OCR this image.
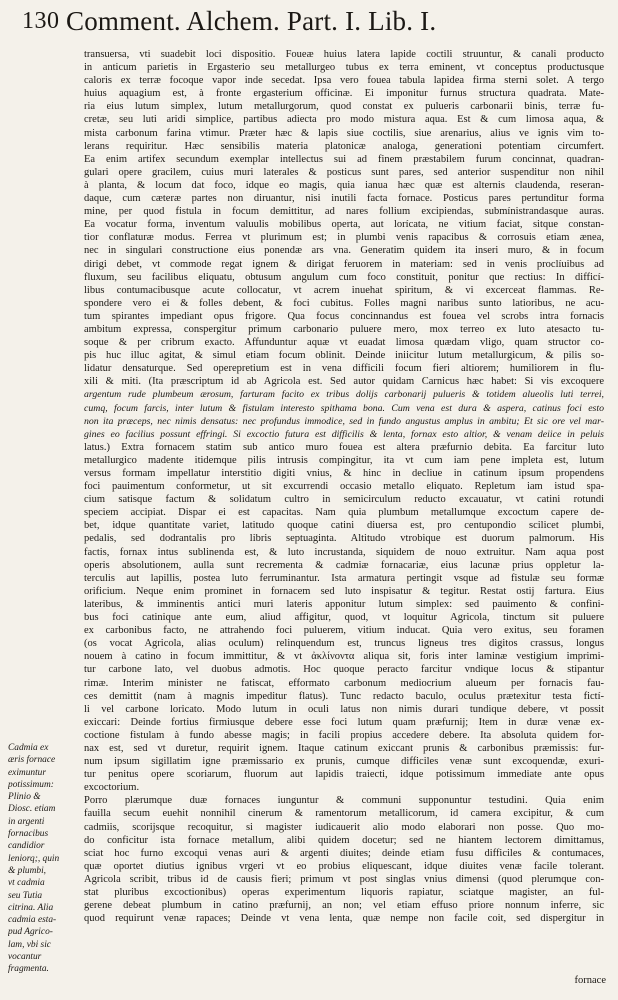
130 Comment. Alchem. Part. I. Lib. I.
transuersa, vti suadebit loci dispositio. Foueæ huius latera lapide coctili struuntur, & canali producto
in anticum parietis in Ergasterio seu metallurgeo tubus ex terra eminent, vt conceptus productusque
caloris ex terræ focoque vapor inde secedat. Ipsa vero fouea tabula lapidea firma sterni solet. A tergo
huius aquagium est, à fronte ergasterium officinæ. Ei imponitur furnus structura quadrata. Mate-
ria eius lutum simplex, lutum metallurgorum, quod constat ex pulueris carbonarii binis, terræ fu-
cretæ, seu luti aridi simplice, partibus adiecta pro modo mistura aqua. Est & cum limosa aqua, &
mista carbonum farina vtimur. Præter hæc & lapis siue coctilis, siue arenarius, alius ve ignis vim to-
lerans requiritur. Hæc sensibilis materia platonicæ analoga, generationi potentiam circumfert.
Ea enim artifex secundum exemplar intellectus sui ad finem præstabilem furum concinnat, quadran-
gulari opere gracilem, cuius muri laterales & posticus sunt pares, sed anterior suspenditur non nihil
à planta, & locum dat foco, idque eo magis, quia ianua hæc quæ est alternis claudenda, reseran-
daque, cum cæteræ partes non diruantur, nisi inutili facta fornace. Posticus pares pertunditur forma
mine, per quod fistula in focum demittitur, ad nares follium excipiendas, submínistrandasque auras.
Ea vocatur forma, inventum valuulis mobilibus operta, aut lorícata, ne vitium faciat, sitque constan-
tior conflaturæ modus. Ferrea vt plurimum est; in plumbi venis rapacibus & corrosuis etiam ænea,
nec in singulari constructione eius ponendæ ars vna. Generatim quidem ita inseri muro, & in focum
dirigi debet, vt commode regat ignem & dirigat feruorem in materiam: sed in venis proclíuibus ad
fluxum, seu facilibus eliquatu, obtusum angulum cum foco constituit, ponitur que rectius: In difficí-
libus contumacibusque acute collocatur, vt acrem inuehat spiritum, & vi excerceat flammas. Re-
spondere vero ei & folles debent, & foci cubitus. Folles magni naribus sunto latioribus, ne acu-
tum spirantes impediant opus frigore. Qua focus concinnandus est fouea vel scrobs intra fornacis
ambitum expressa, conspergitur primum carbonario puluere mero, mox terreo ex luto atesacto tu-
soque & per cribrum exacto. Affunduntur aquæ vt euadat limosa quædam vligo, quam structor co-
pis huc illuc agitat, & simul etiam focum oblinit. Deinde iniicitur lutum metallurgicum, & pilis so-
lidatur densaturque. Sed operepretium est in vena difficili focum fieri altiorem; humiliorem in flu-
xili & miti. (Ita præscriptum id ab Agricola est. Sed autor quidam Carnicus hæc habet: Si vis excoquere
argentum rude plumbeum ærosum, farturam facito ex tribus dolijs carbonarij pulueris & totidem alueolis luti terrei,
cumq, focum farcis, inter lutum & fistulam interesto spithama bona. Cum vena est dura & aspera, catinus foci esto
non ita præceps, nec nimis densatus: nec profundus immodice, sed in fundo angustus amplus in ambitu; Et sic ore vel mar-
gines eo facilius possunt effringi. Si excoctio futura est difficilis & lenta, fornax esto altior, & venam deiice in peluis
latus.) Extra fornacem statim sub antico muro fouea est altera præfurnio debita. Ea farcitur luto
metallurgico madente itidemque pilis intrusis compingitur, ita vt cum iam pene impleta est, lutum
versus formam impellatur interstitio digiti vnius, & hinc in decliue in catinum ipsum propendens
foci pauimentum conformetur, ut sit excurrendi occasio metallo eliquato. Repletum iam istud spa-
cium satisque factum & solidatum cultro in semicirculum reducto excauatur, vt catini rotundi
speciem accipiat. Dispar ei est capacitas. Nam quia plumbum metallumque excoctum capere de-
bet, idque quantitate variet, latitudo quoque catini diuersa est, pro centupondio scilicet plumbi,
pedalis, sed dodrantalis pro libris septuaginta. Altitudo vtrobique est duorum palmorum. His
factis, fornax intus sublinenda est, & luto incrustanda, siquidem de nouo extruitur. Nam aqua post
operis absolutionem, aulla sunt recrementa & cadmiæ fornacariæ, eius lacunæ prius oppletur la-
terculis aut lapillis, postea luto ferruminantur. Ista armatura pertingit vsque ad fistulæ seu formæ
orificium. Neque enim prominet in fornacem sed luto inspisatur & tegitur. Restat ostij fartura. Eius
lateribus, & imminentis antici muri lateris apponitur lutum simplex: sed pauimento & confini-
bus foci catinique ante eum, aliud affigitur, quod, vt loquitur Agricola, tinctum sit puluere
ex carbonibus facto, ne attrahendo foci puluerem, vitium inducat. Quia vero exitus, seu foramen
(os vocat Agricola, alias oculum) relinquendum est, truncus ligneus tres digitos crassus, longus
nouem à catino in focum immittitur, & vt ἀκλίνοντα aliqua sit, foris inter laminæ vestigium imprimi-
tur carbone lato, vel duobus admotis. Hoc quoque peracto farcitur vndique locus & stipantur
rimæ. Interim minister ne fatiscat, efformato carbonum mediocrium alueum per fornacis fau-
ces demittit (nam à magnis impeditur flatus). Tunc redacto baculo, oculus prætexitur testa fictí-
li vel carbone loricato. Modo lutum in oculi latus non nimis durari tundique debere, vt possit
exiccari: Deinde fortius firmiusque debere esse foci lutum quam præfurnij; Item in duræ venæ ex-
coctione fistulam à fundo abesse magis; in facili propius accedere debere. Ita absoluta quidem for-
nax est, sed vt duretur, requirit ignem. Itaque catinum exiccant prunis & carbonibus præmissis: fur-
num ipsum sigillatim igne præmissario ex prunis, cumque difficiles venæ sunt excoquendæ, exuri-
tur penitus opere scoriarum, fluorum aut lapidis traiecti, idque potissimum immediate ante opus
excoctorium.
Porro plærumque duæ fornaces iunguntur & communi supponuntur testudini. Quia enim
fauilla secum euehit nonnihil cinerum & ramentorum metallicorum, id camera excipitur, & cum
cadmiis, scorijsque recoquitur, si magister iudicauerit alio modo elaborari non posse. Quo mo-
do conficitur ista fornace metallum, alibi quidem docetur; sed ne hiantem lectorem dimittamus,
sciat hoc furno excoqui venas auri & argenti diuites; deinde etiam fusu difficiles & contumaces,
quæ oportet diutius ignibus vrgeri vt eo probius eliquescant, idque diuites venæ facile tolerant.
Agricola scribit, tribus id de causis fieri; primum vt post singlas vnius dimensi (quod plerumque con-
stat pluribus excoctionibus) operas experimentum liquoris rapiatur, sciatque magister, an ful-
gerene debeat plumbum in catino præfurnij, an non; vel etiam effuso priore nonnum inferre, sic
quod requirunt venæ rapaces; Deinde vt vena lenta, quæ nempe non facile coit, sed dispergitur in
Cadmia ex
æris fornace
eximuntur
potissimum:
Plinio &
Diosc. etiam
in argenti
fornacibus
candidior
leniorq;, quin
& plumbi,
vt cadmia
seu Tutia
citrina. Alia
cadmia esta-
pud Agrico-
lam, vbi sic
vocantur
fragmenta.
fornace
